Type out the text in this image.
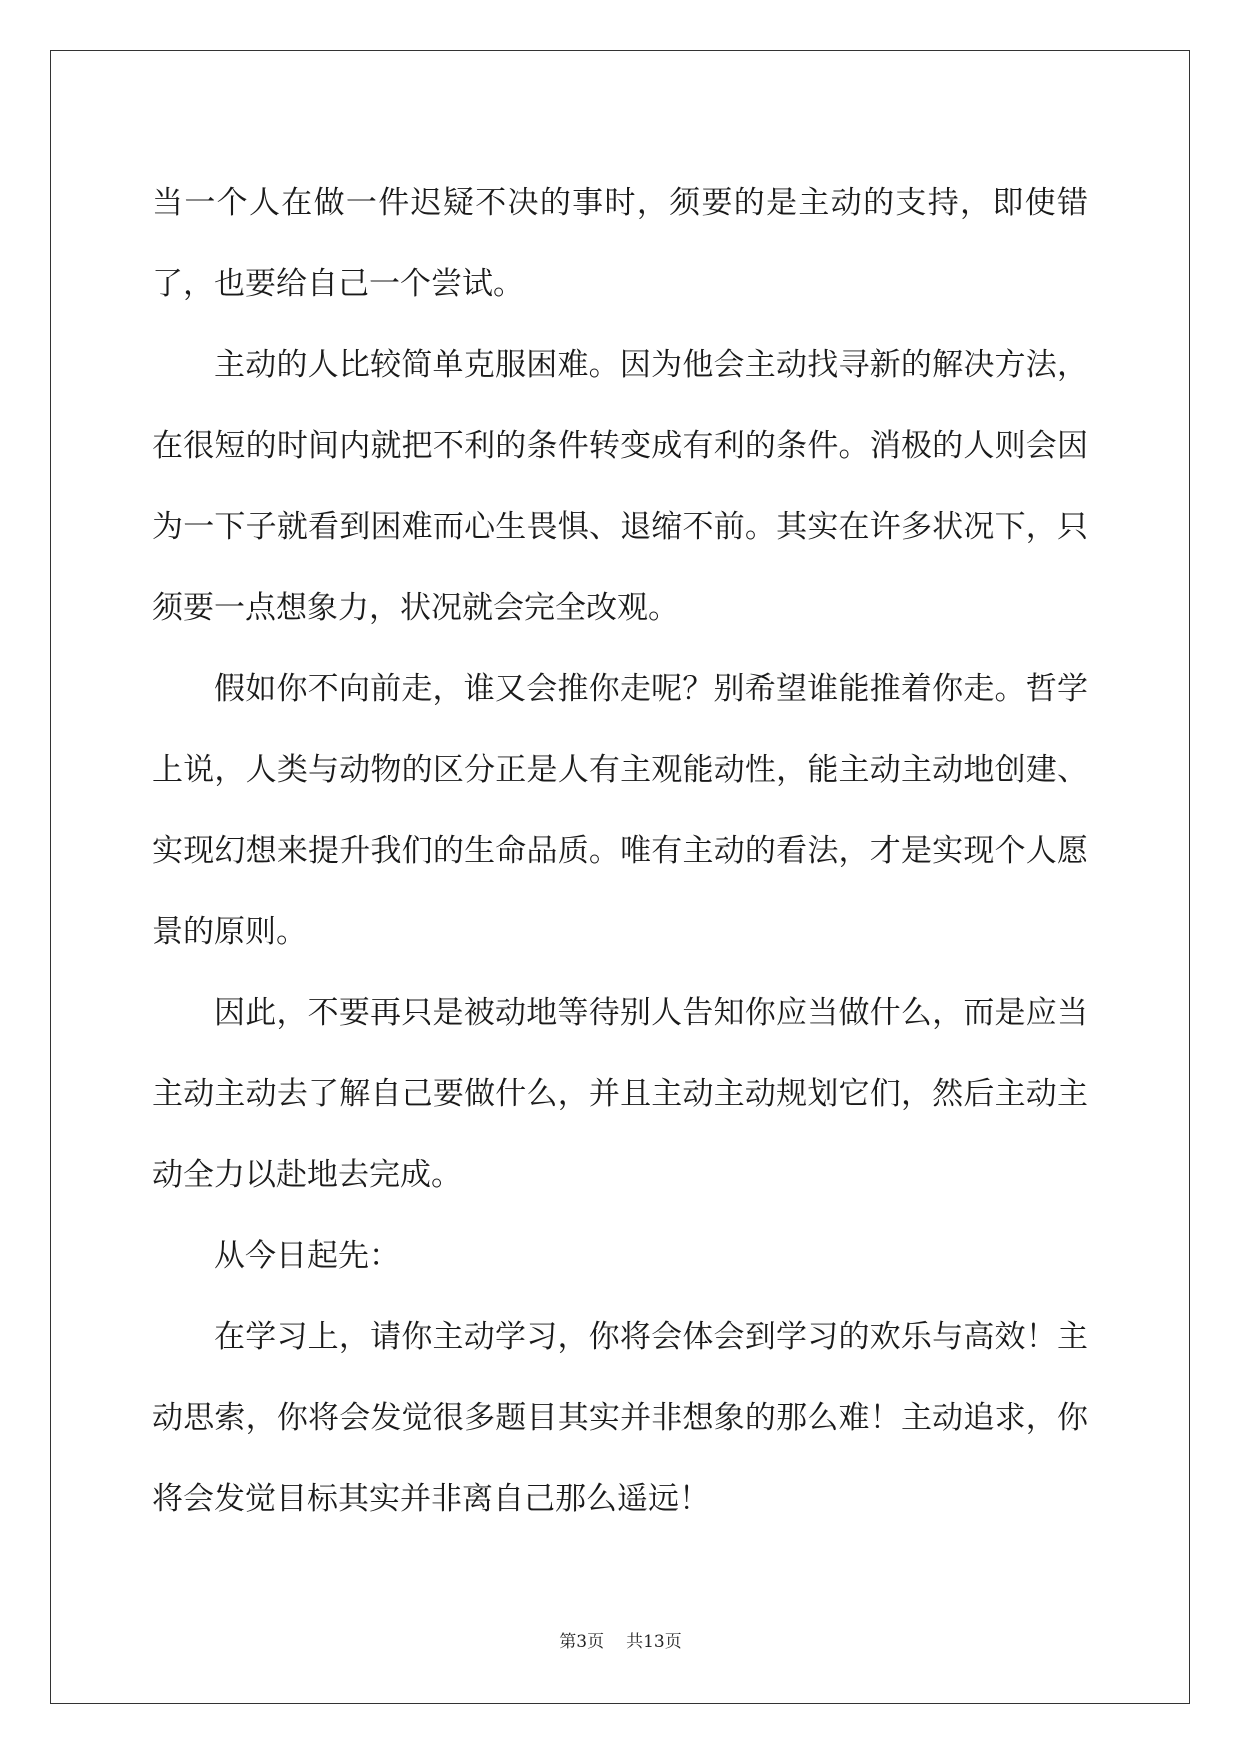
当一个人在做一件迟疑不决的事时，须要的是主动的支持，即使错了，也要给自己一个尝试。

主动的人比较简单克服困难。因为他会主动找寻新的解决方法，在很短的时间内就把不利的条件转变成有利的条件。消极的人则会因为一下子就看到困难而心生畏惧、退缩不前。其实在许多状况下，只须要一点想象力，状况就会完全改观。

假如你不向前走，谁又会推你走呢？别希望谁能推着你走。哲学上说，人类与动物的区分正是人有主观能动性，能主动主动地创建、实现幻想来提升我们的生命品质。唯有主动的看法，才是实现个人愿景的原则。

因此，不要再只是被动地等待别人告知你应当做什么，而是应当主动主动去了解自己要做什么，并且主动主动规划它们，然后主动主动全力以赴地去完成。

从今日起先：

在学习上，请你主动学习，你将会体会到学习的欢乐与高效！主动思索，你将会发觉很多题目其实并非想象的那么难！主动追求，你将会发觉目标其实并非离自己那么遥远！

第3页 共13页
